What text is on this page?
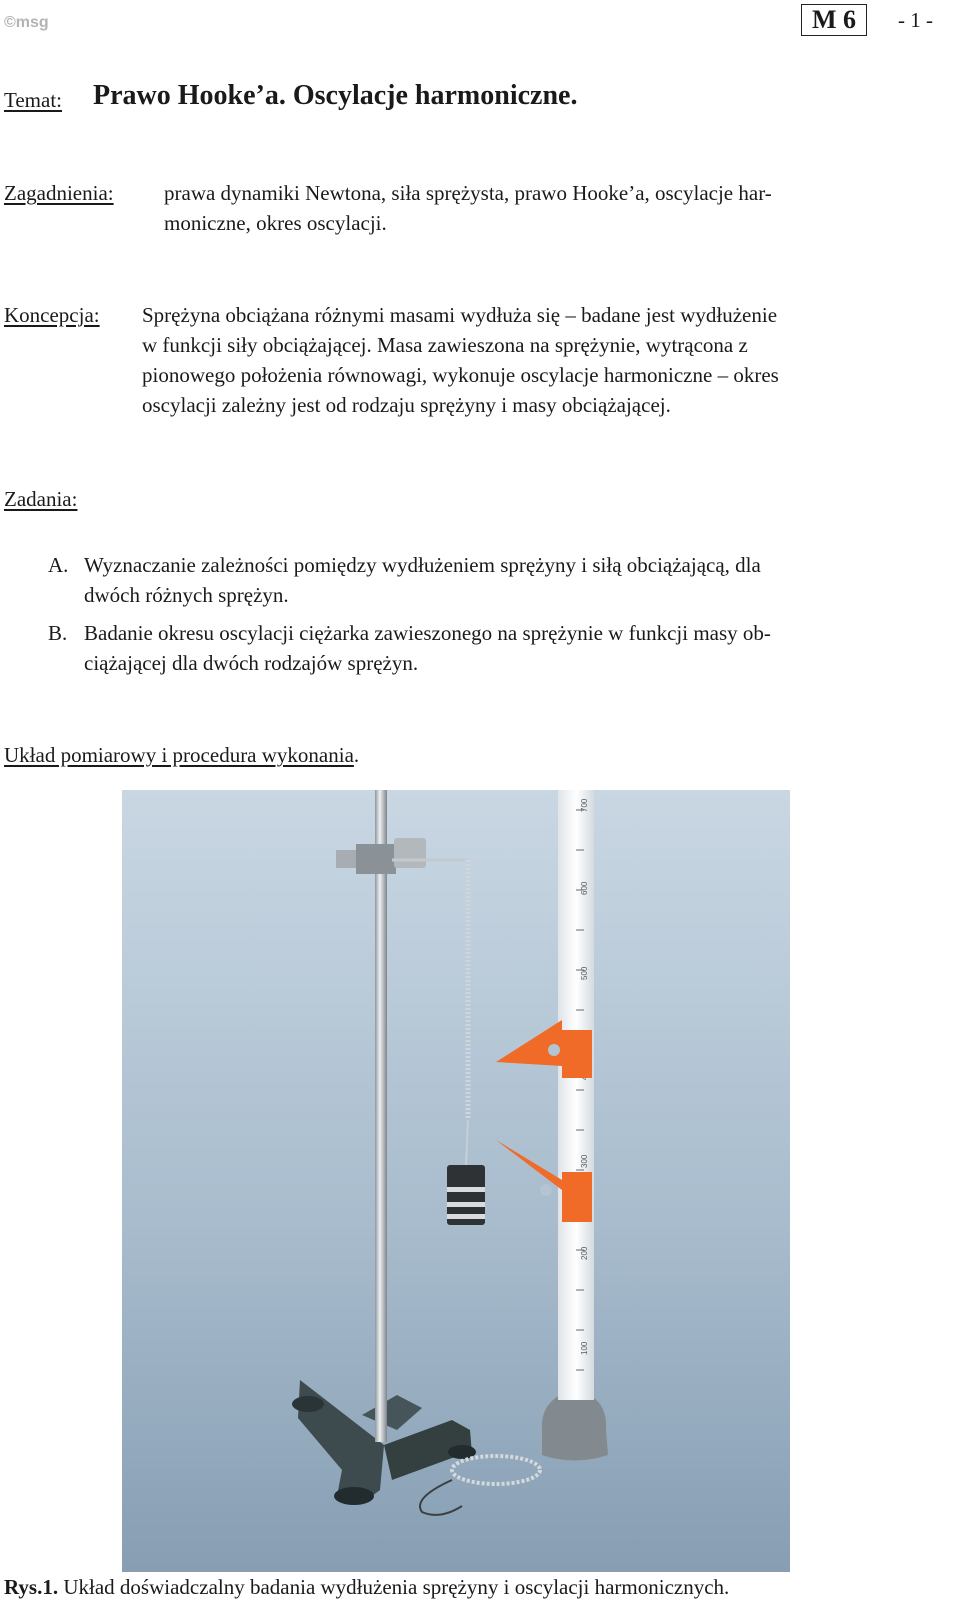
©msg	M 6	- 1 -
Temat: Prawo Hooke’a. Oscylacje harmoniczne.
Zagadnienia: prawa dynamiki Newtona, siła sprężysta, prawo Hooke’a, oscylacje har-
moniczne, okres oscylacji.
Koncepcja: Sprężyna obciążana różnymi masami wydłuża się – badane jest wydłużenie
w funkcji siły obciążającej. Masa zawieszona na sprężynie, wytrącona z
pionowego położenia równowagi, wykonuje oscylacje harmoniczne – okres
oscylacji zależny jest od rodzaju sprężyny i masy obciążającej.
Zadania:
A. Wyznaczanie zależności pomiędzy wydłużeniem sprężyny i siłą obciążającą, dla
dwóch różnych sprężyn.
B. Badanie okresu oscylacji ciężarka zawieszonego na sprężynie w funkcji masy ob-
ciążającej dla dwóch rodzajów sprężyn.
Układ pomiarowy i procedura wykonania.
700
600
500
300
200
100
Rys.1. Układ doświadczalny badania wydłużenia sprężyny i oscylacji harmonicznych.
